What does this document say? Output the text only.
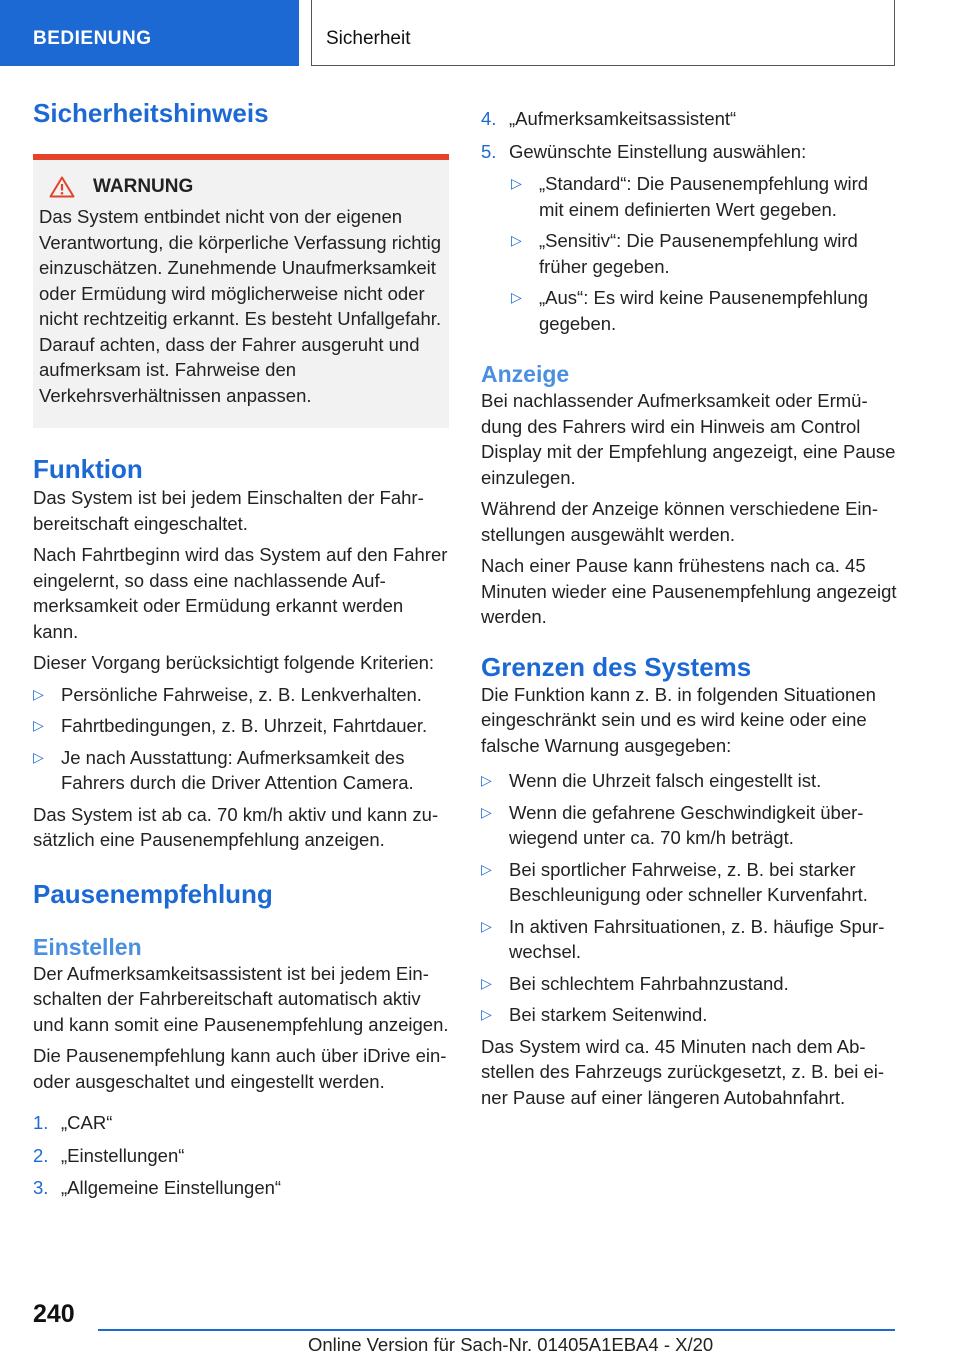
BEDIENUNG	Sicherheit
Sicherheitshinweis
WARNUNG

Das System entbindet nicht von der eigenen Verantwortung, die körperliche Verfassung richtig einzuschätzen. Zunehmende Unaufmerksamkeit oder Ermüdung wird möglicherweise nicht oder nicht rechtzeitig erkannt. Es besteht Unfallgefahr. Darauf achten, dass der Fahrer ausgeruht und aufmerksam ist. Fahrweise den Verkehrsverhältnissen anpassen.

Funktion

Das System ist bei jedem Einschalten der Fahrbereitschaft eingeschaltet.

Nach Fahrtbeginn wird das System auf den Fahrer eingelernt, so dass eine nachlassende Aufmerksamkeit oder Ermüdung erkannt werden kann.

Dieser Vorgang berücksichtigt folgende Kriterien:

▷ Persönliche Fahrweise, z. B. Lenkverhalten.
▷ Fahrtbedingungen, z. B. Uhrzeit, Fahrtdauer.
▷ Je nach Ausstattung: Aufmerksamkeit des Fahrers durch die Driver Attention Camera.

Das System ist ab ca. 70 km/h aktiv und kann zusätzlich eine Pausenempfehlung anzeigen.

Pausenempfehlung
Einstellen

Der Aufmerksamkeitsassistent ist bei jedem Einschalten der Fahrbereitschaft automatisch aktiv und kann somit eine Pausenempfehlung anzeigen.

Die Pausenempfehlung kann auch über iDrive ein- oder ausgeschaltet und eingestellt werden.

1. „CAR“
2. „Einstellungen“
3. „Allgemeine Einstellungen“
4. „Aufmerksamkeitsassistent“
5. Gewünschte Einstellung auswählen:
▷ „Standard“: Die Pausenempfehlung wird mit einem definierten Wert gegeben.
▷ „Sensitiv“: Die Pausenempfehlung wird früher gegeben.
▷ „Aus“: Es wird keine Pausenempfehlung gegeben.
Anzeige

Bei nachlassender Aufmerksamkeit oder Ermüdung des Fahrers wird ein Hinweis am Control Display mit der Empfehlung angezeigt, eine Pause einzulegen.

Während der Anzeige können verschiedene Einstellungen ausgewählt werden.

Nach einer Pause kann frühestens nach ca. 45 Minuten wieder eine Pausenempfehlung angezeigt werden.

Grenzen des Systems

Die Funktion kann z. B. in folgenden Situationen eingeschränkt sein und es wird keine oder eine falsche Warnung ausgegeben:

▷ Wenn die Uhrzeit falsch eingestellt ist.
▷ Wenn die gefahrene Geschwindigkeit überwiegend unter ca. 70 km/h beträgt.
▷ Bei sportlicher Fahrweise, z. B. bei starker Beschleunigung oder schneller Kurvenfahrt.
▷ In aktiven Fahrsituationen, z. B. häufige Spurwechsel.
▷ Bei schlechtem Fahrbahnzustand.
▷ Bei starkem Seitenwind.

Das System wird ca. 45 Minuten nach dem Abstellen des Fahrzeugs zurückgesetzt, z. B. bei einer Pause auf einer längeren Autobahnfahrt.

240
Online Version für Sach-Nr. 01405A1EBA4 - X/20
